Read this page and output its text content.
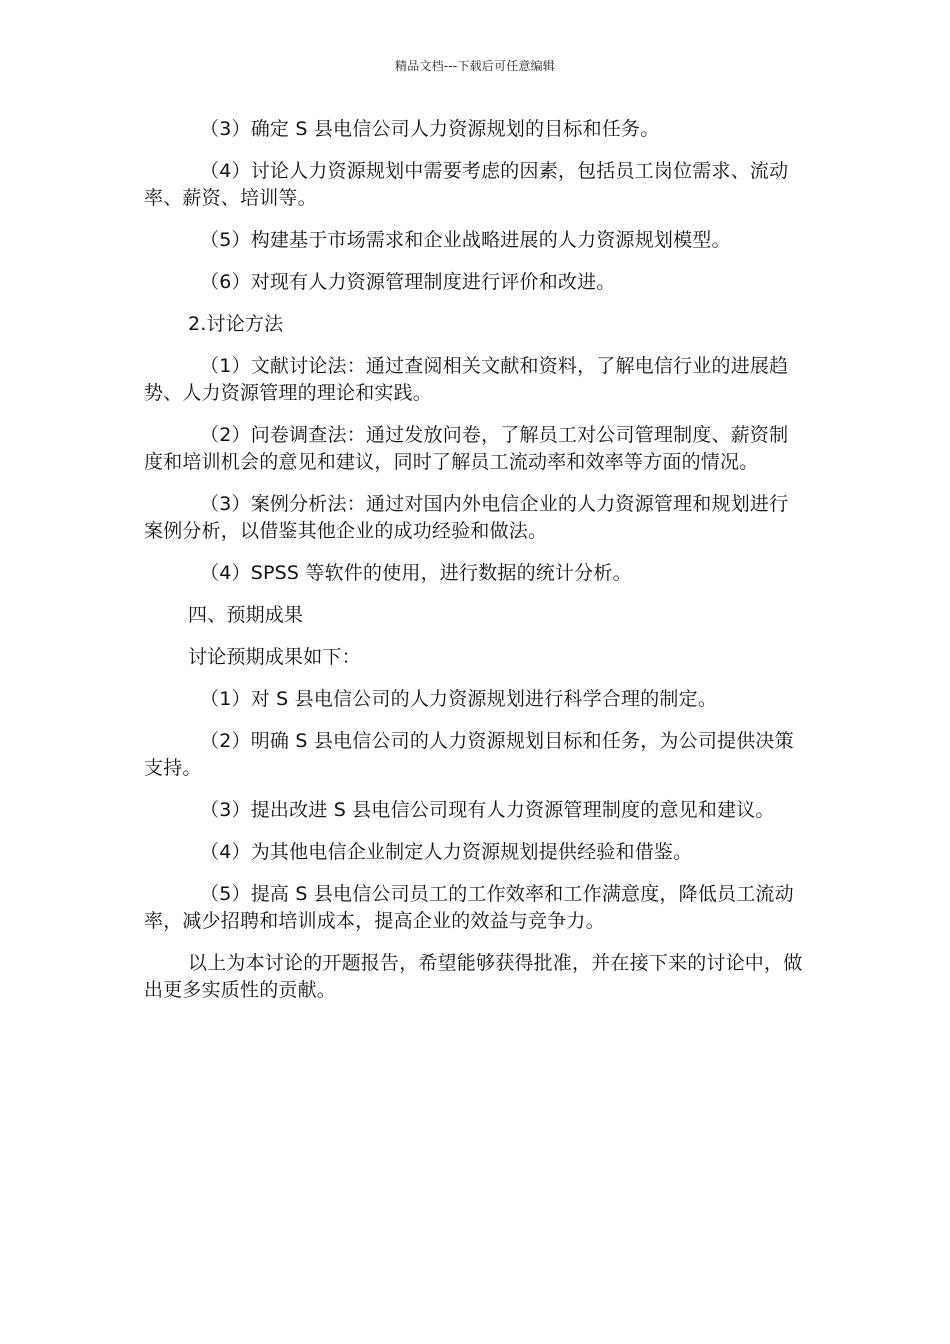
精品文档---下载后可任意编辑

（3）确定 S 县电信公司人力资源规划的目标和任务。

（4）讨论人力资源规划中需要考虑的因素，包括员工岗位需求、流动率、薪资、培训等。

（5）构建基于市场需求和企业战略进展的人力资源规划模型。

（6）对现有人力资源管理制度进行评价和改进。

2.讨论方法

（1）文献讨论法：通过查阅相关文献和资料，了解电信行业的进展趋势、人力资源管理的理论和实践。

（2）问卷调查法：通过发放问卷，了解员工对公司管理制度、薪资制度和培训机会的意见和建议，同时了解员工流动率和效率等方面的情况。

（3）案例分析法：通过对国内外电信企业的人力资源管理和规划进行案例分析，以借鉴其他企业的成功经验和做法。

（4）SPSS 等软件的使用，进行数据的统计分析。

四、预期成果

讨论预期成果如下：

（1）对 S 县电信公司的人力资源规划进行科学合理的制定。

（2）明确 S 县电信公司的人力资源规划目标和任务，为公司提供决策支持。

（3）提出改进 S 县电信公司现有人力资源管理制度的意见和建议。

（4）为其他电信企业制定人力资源规划提供经验和借鉴。

（5）提高 S 县电信公司员工的工作效率和工作满意度，降低员工流动率，减少招聘和培训成本，提高企业的效益与竞争力。

以上为本讨论的开题报告，希望能够获得批准，并在接下来的讨论中，做出更多实质性的贡献。
